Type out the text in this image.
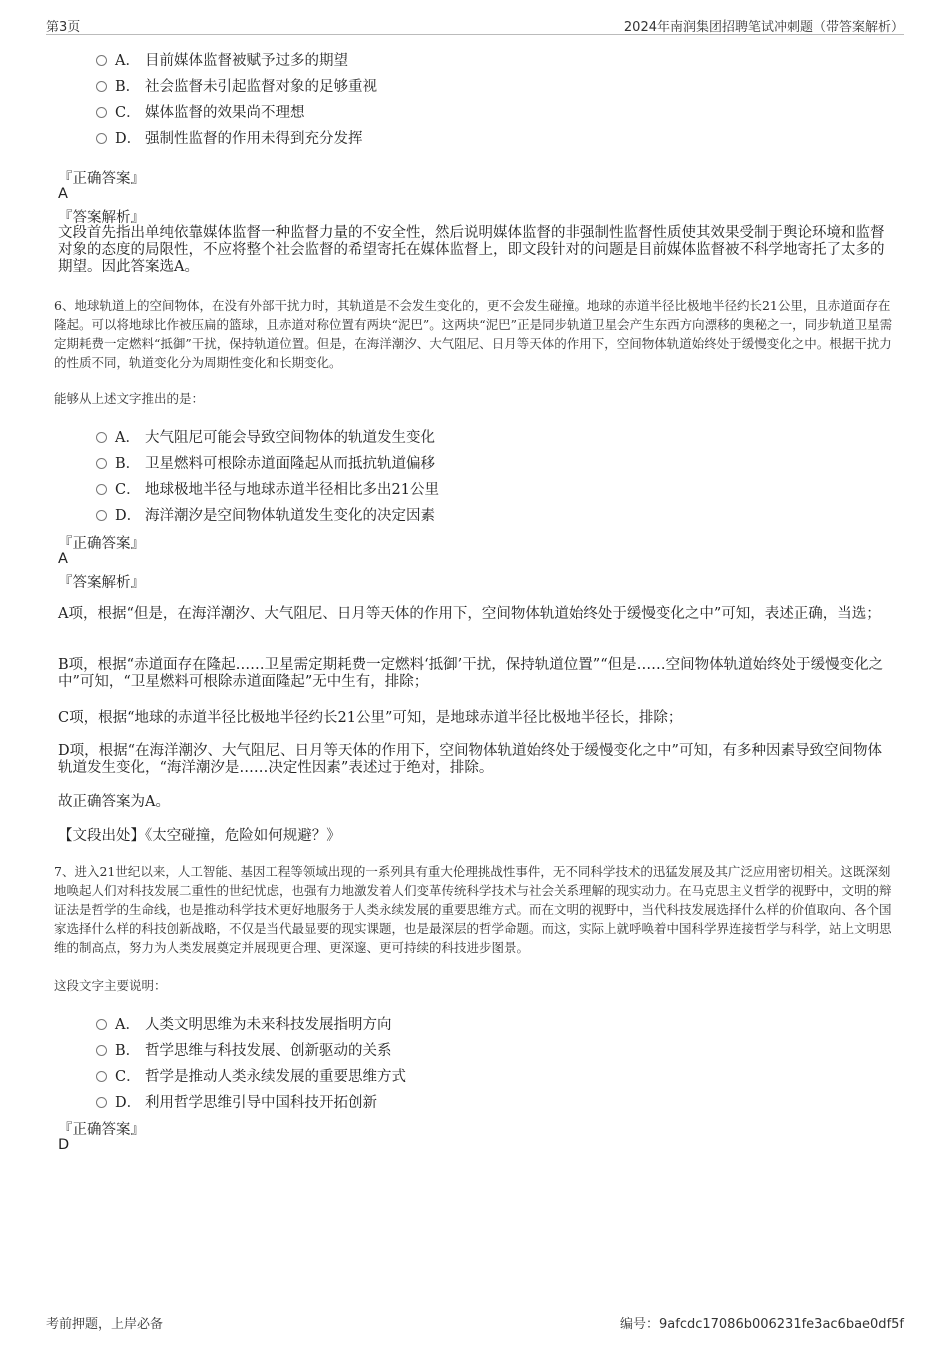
第3页	2024年南润集团招聘笔试冲刺题（带答案解析）
A． 目前媒体监督被赋予过多的期望
B． 社会监督未引起监督对象的足够重视
C． 媒体监督的效果尚不理想
D． 强制性监督的作用未得到充分发挥
『正确答案』
A
『答案解析』
文段首先指出单纯依靠媒体监督一种监督力量的不安全性，然后说明媒体监督的非强制性监督性质使其效果受制于舆论环境和监督对象的态度的局限性，不应将整个社会监督的希望寄托在媒体监督上，即文段针对的问题是目前媒体监督被不科学地寄托了太多的期望。因此答案选A。
6、地球轨道上的空间物体，在没有外部干扰力时，其轨道是不会发生变化的，更不会发生碰撞。地球的赤道半径比极地半径约长21公里，且赤道面存在隆起。可以将地球比作被压扁的篮球，且赤道对称位置有两块“泥巴”。这两块“泥巴”正是同步轨道卫星会产生东西方向漂移的奥秘之一，同步轨道卫星需定期耗费一定燃料“抵御”干扰，保持轨道位置。但是，在海洋潮汐、大气阻尼、日月等天体的作用下，空间物体轨道始终处于缓慢变化之中。根据干扰力的性质不同，轨道变化分为周期性变化和长期变化。
能够从上述文字推出的是：
A． 大气阻尼可能会导致空间物体的轨道发生变化
B． 卫星燃料可根除赤道面隆起从而抵抗轨道偏移
C． 地球极地半径与地球赤道半径相比多出21公里
D． 海洋潮汐是空间物体轨道发生变化的决定因素
『正确答案』
A
『答案解析』
A项，根据“但是，在海洋潮汐、大气阻尼、日月等天体的作用下，空间物体轨道始终处于缓慢变化之中”可知，表述正确，当选；
B项，根据“赤道面存在隆起……卫星需定期耗费一定燃料‘抵御’干扰，保持轨道位置”“但是……空间物体轨道始终处于缓慢变化之中”可知，“卫星燃料可根除赤道面隆起”无中生有，排除；
C项，根据“地球的赤道半径比极地半径约长21公里”可知，是地球赤道半径比极地半径长，排除；
D项，根据“在海洋潮汐、大气阻尼、日月等天体的作用下，空间物体轨道始终处于缓慢变化之中”可知，有多种因素导致空间物体轨道发生变化，“海洋潮汐是……决定性因素”表述过于绝对，排除。
故正确答案为A。
【文段出处】《太空碰撞，危险如何规避？》
7、进入21世纪以来，人工智能、基因工程等领域出现的一系列具有重大伦理挑战性事件，无不同科学技术的迅猛发展及其广泛应用密切相关。这既深刻地唤起人们对科技发展二重性的世纪忧虑，也强有力地激发着人们变革传统科学技术与社会关系理解的现实动力。在马克思主义哲学的视野中，文明的辩证法是哲学的生命线，也是推动科学技术更好地服务于人类永续发展的重要思维方式。而在文明的视野中，当代科技发展选择什么样的价值取向、各个国家选择什么样的科技创新战略，不仅是当代最显要的现实课题，也是最深层的哲学命题。而这，实际上就呼唤着中国科学界连接哲学与科学，站上文明思维的制高点，努力为人类发展奠定并展现更合理、更深邃、更可持续的科技进步图景。
这段文字主要说明：
A． 人类文明思维为未来科技发展指明方向
B． 哲学思维与科技发展、创新驱动的关系
C． 哲学是推动人类永续发展的重要思维方式
D． 利用哲学思维引导中国科技开拓创新
『正确答案』
D
考前押题，上岸必备	编号：9afcdc17086b006231fe3ac6bae0df5f
